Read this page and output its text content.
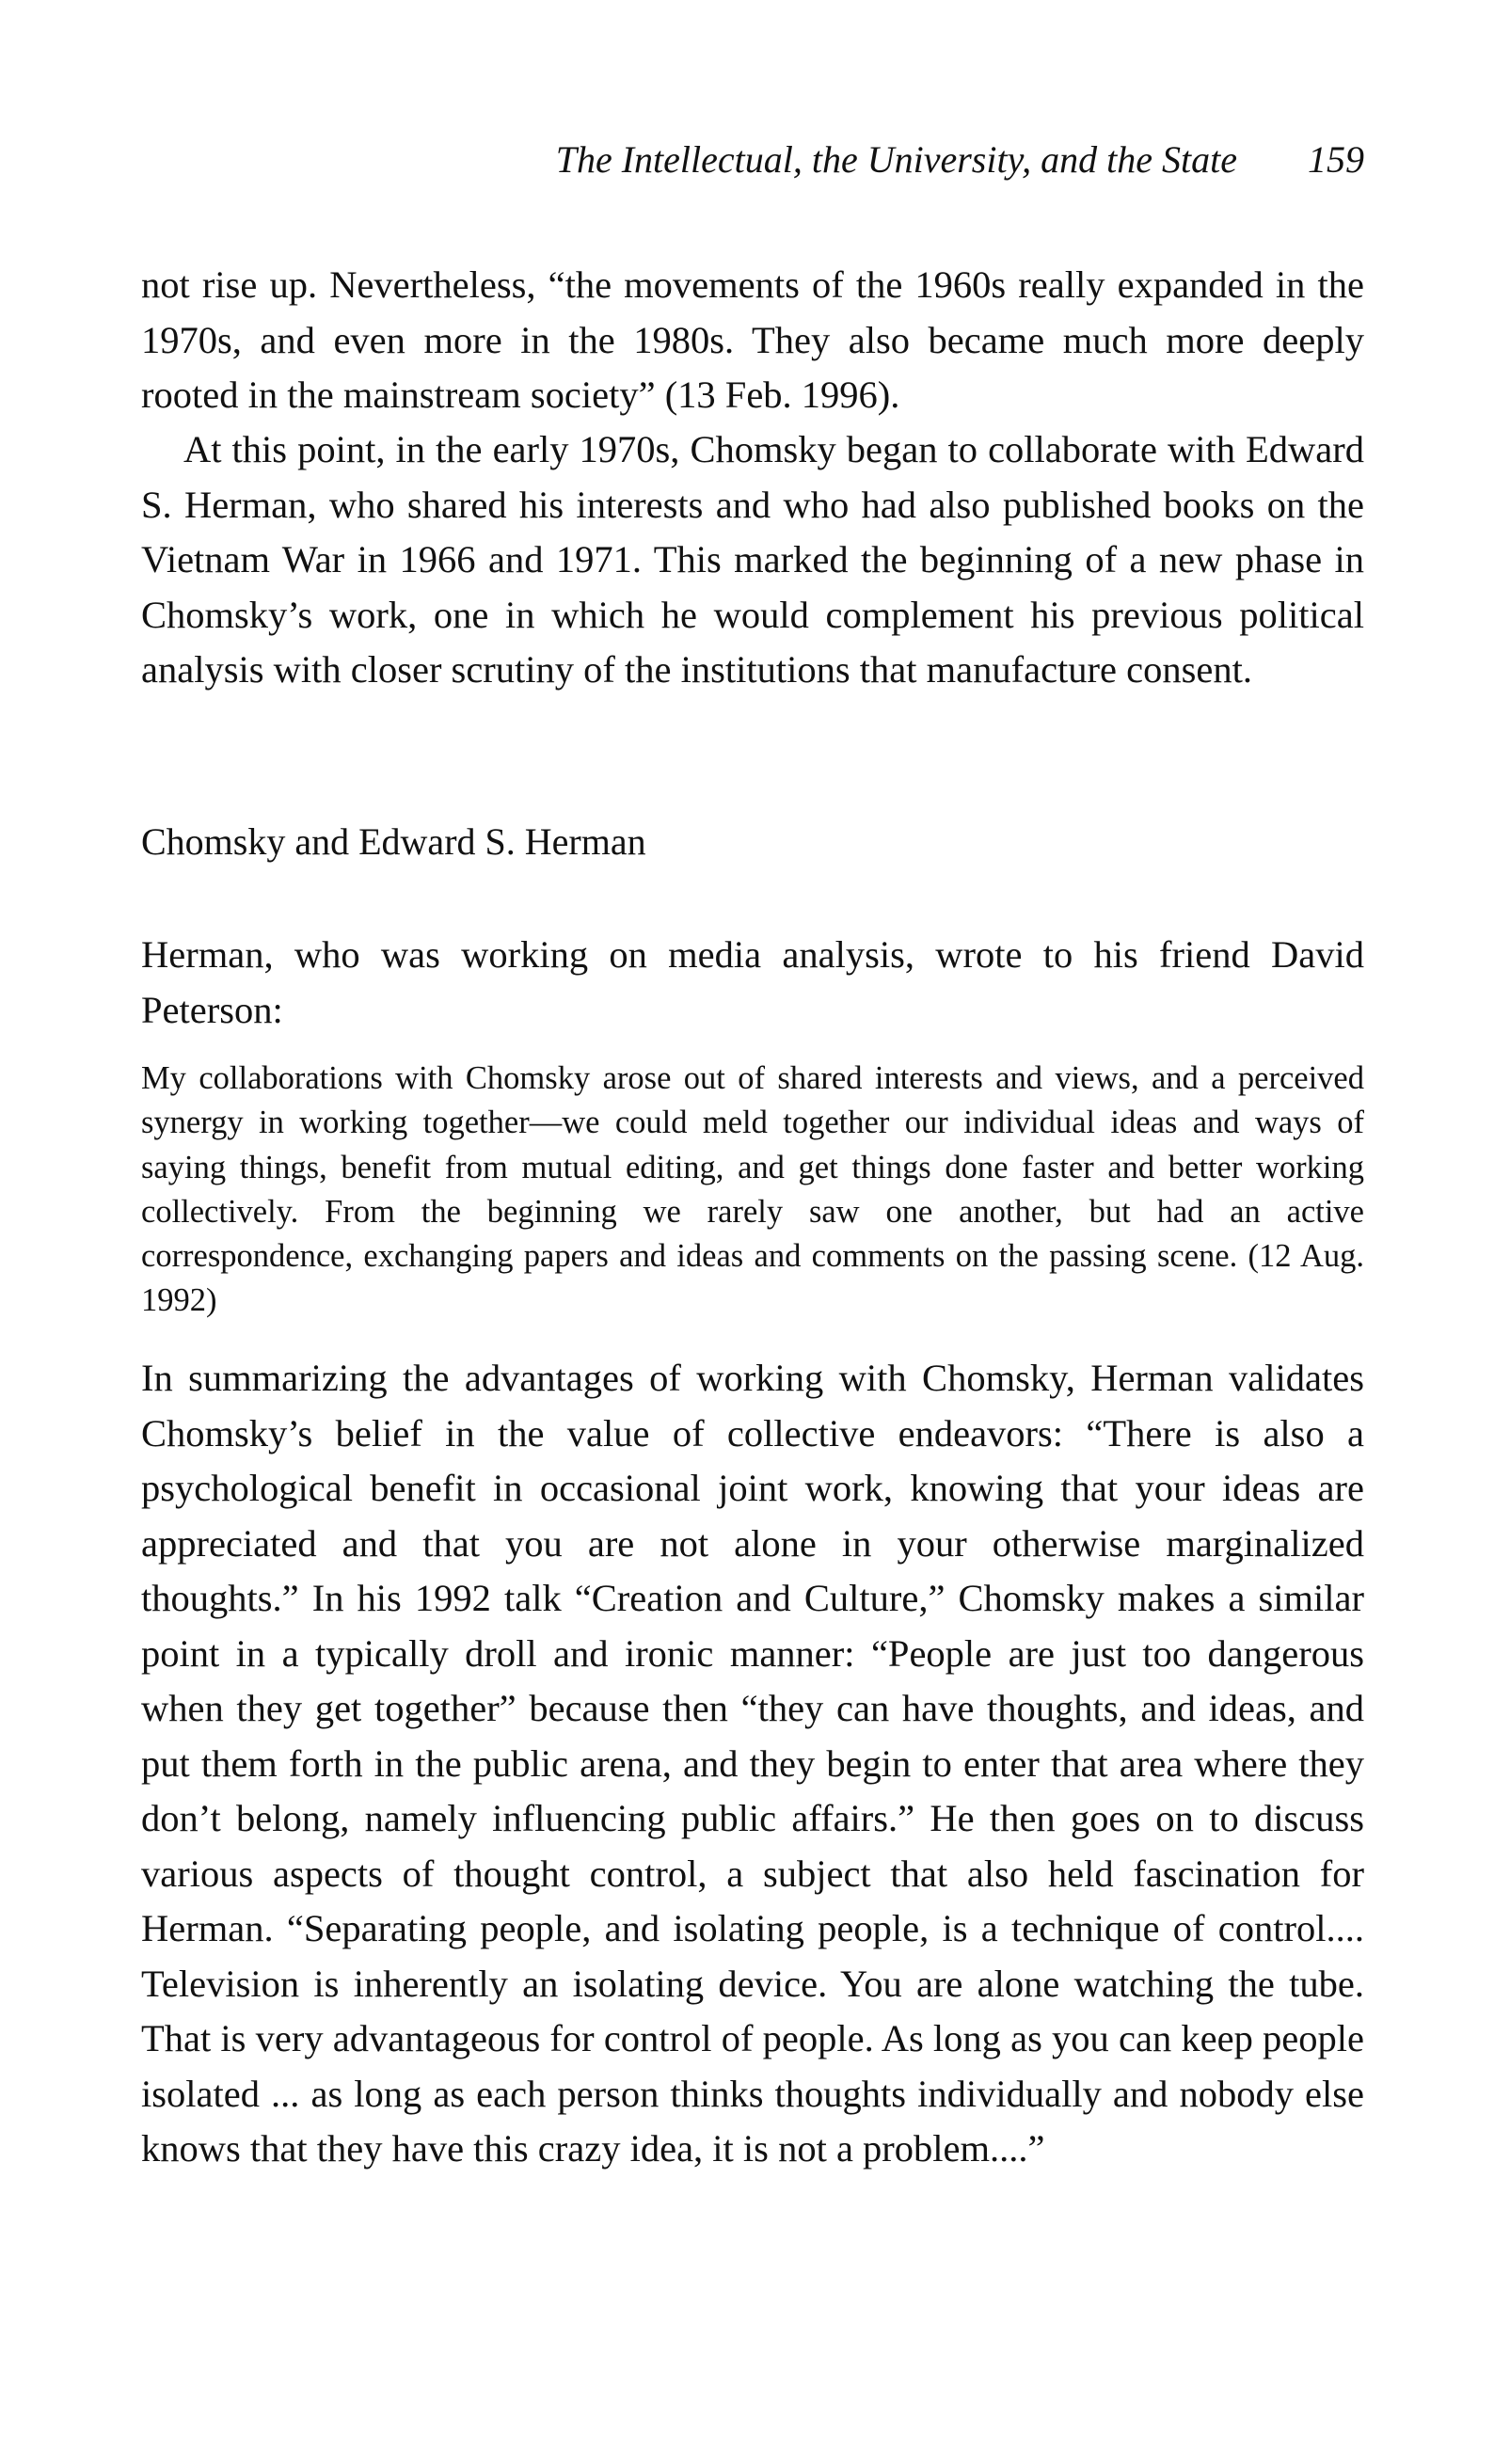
The Intellectual, the University, and the State 159

not rise up. Nevertheless, “the movements of the 1960s really expanded in the 1970s, and even more in the 1980s. They also became much more deeply rooted in the mainstream society” (13 Feb. 1996).

At this point, in the early 1970s, Chomsky began to collaborate with Edward S. Herman, who shared his interests and who had also published books on the Vietnam War in 1966 and 1971. This marked the beginning of a new phase in Chomsky’s work, one in which he would complement his previous political analysis with closer scrutiny of the institutions that manufacture consent.

Chomsky and Edward S. Herman

Herman, who was working on media analysis, wrote to his friend David Peterson:

My collaborations with Chomsky arose out of shared interests and views, and a perceived synergy in working together—we could meld together our individual ideas and ways of saying things, benefit from mutual editing, and get things done faster and better working collectively. From the beginning we rarely saw one another, but had an active correspondence, exchanging papers and ideas and comments on the passing scene. (12 Aug. 1992)

In summarizing the advantages of working with Chomsky, Herman validates Chomsky’s belief in the value of collective endeavors: “There is also a psychological benefit in occasional joint work, knowing that your ideas are appreciated and that you are not alone in your otherwise marginalized thoughts.” In his 1992 talk “Creation and Culture,” Chomsky makes a similar point in a typically droll and ironic manner: “People are just too dangerous when they get together” because then “they can have thoughts, and ideas, and put them forth in the public arena, and they begin to enter that area where they don’t belong, namely influencing public affairs.” He then goes on to discuss various aspects of thought control, a subject that also held fascination for Herman. “Separating people, and isolating people, is a technique of control.... Television is inherently an isolating device. You are alone watching the tube. That is very advantageous for control of people. As long as you can keep people isolated ... as long as each person thinks thoughts individually and nobody else knows that they have this crazy idea, it is not a problem....”
